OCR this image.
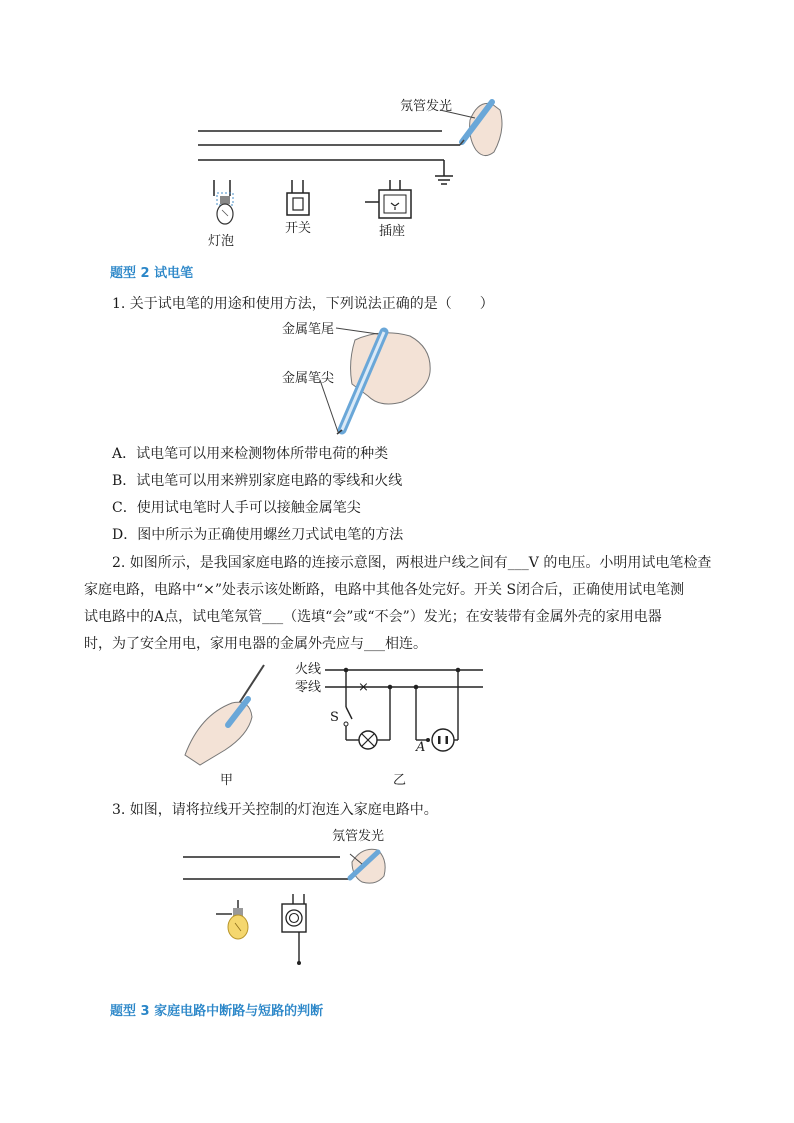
氖管发光
灯泡
开关	插座
题型 2 试电笔
1. 关于试电笔的用途和使用方法，下列说法正确的是（　　）
金属笔尾
金属笔尖
A．试电笔可以用来检测物体所带电荷的种类
B．试电笔可以用来辨别家庭电路的零线和火线
C．使用试电笔时人手可以接触金属笔尖
D．图中所示为正确使用螺丝刀式试电笔的方法
2. 如图所示，是我国家庭电路的连接示意图，两根进户线之间有___V 的电压。小明用试电笔检查
家庭电路，电路中“×”处表示该处断路，电路中其他各处完好。开关 S闭合后，正确使用试电笔测
试电路中的A点，试电笔氖管___（选填“会”或“不会”）发光；在安装带有金属外壳的家用电器
时，为了安全用电，家用电器的金属外壳应与___相连。
火线
零线	×
S
A
甲	乙
3. 如图，请将拉线开关控制的灯泡连入家庭电路中。
氖管发光
题型 3 家庭电路中断路与短路的判断
